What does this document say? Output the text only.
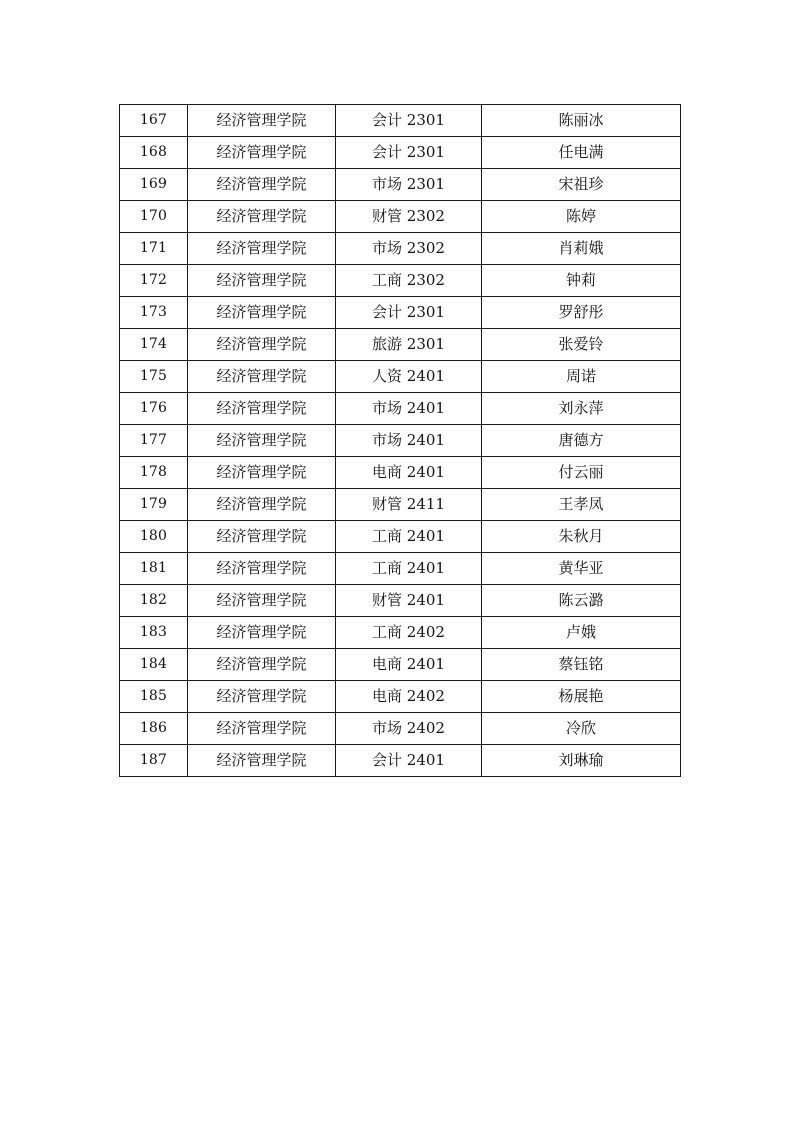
167	经济管理学院	会计 2301	陈丽冰
168	经济管理学院	会计 2301	任电满
169	经济管理学院	市场 2301	宋祖珍
170	经济管理学院	财管 2302	陈婷
171	经济管理学院	市场 2302	肖莉娥
172	经济管理学院	工商 2302	钟莉
173	经济管理学院	会计 2301	罗舒彤
174	经济管理学院	旅游 2301	张爱铃
175	经济管理学院	人资 2401	周诺
176	经济管理学院	市场 2401	刘永萍
177	经济管理学院	市场 2401	唐德方
178	经济管理学院	电商 2401	付云丽
179	经济管理学院	财管 2411	王孝凤
180	经济管理学院	工商 2401	朱秋月
181	经济管理学院	工商 2401	黄华亚
182	经济管理学院	财管 2401	陈云潞
183	经济管理学院	工商 2402	卢娥
184	经济管理学院	电商 2401	蔡钰铭
185	经济管理学院	电商 2402	杨展艳
186	经济管理学院	市场 2402	冷欣
187	经济管理学院	会计 2401	刘琳瑜
